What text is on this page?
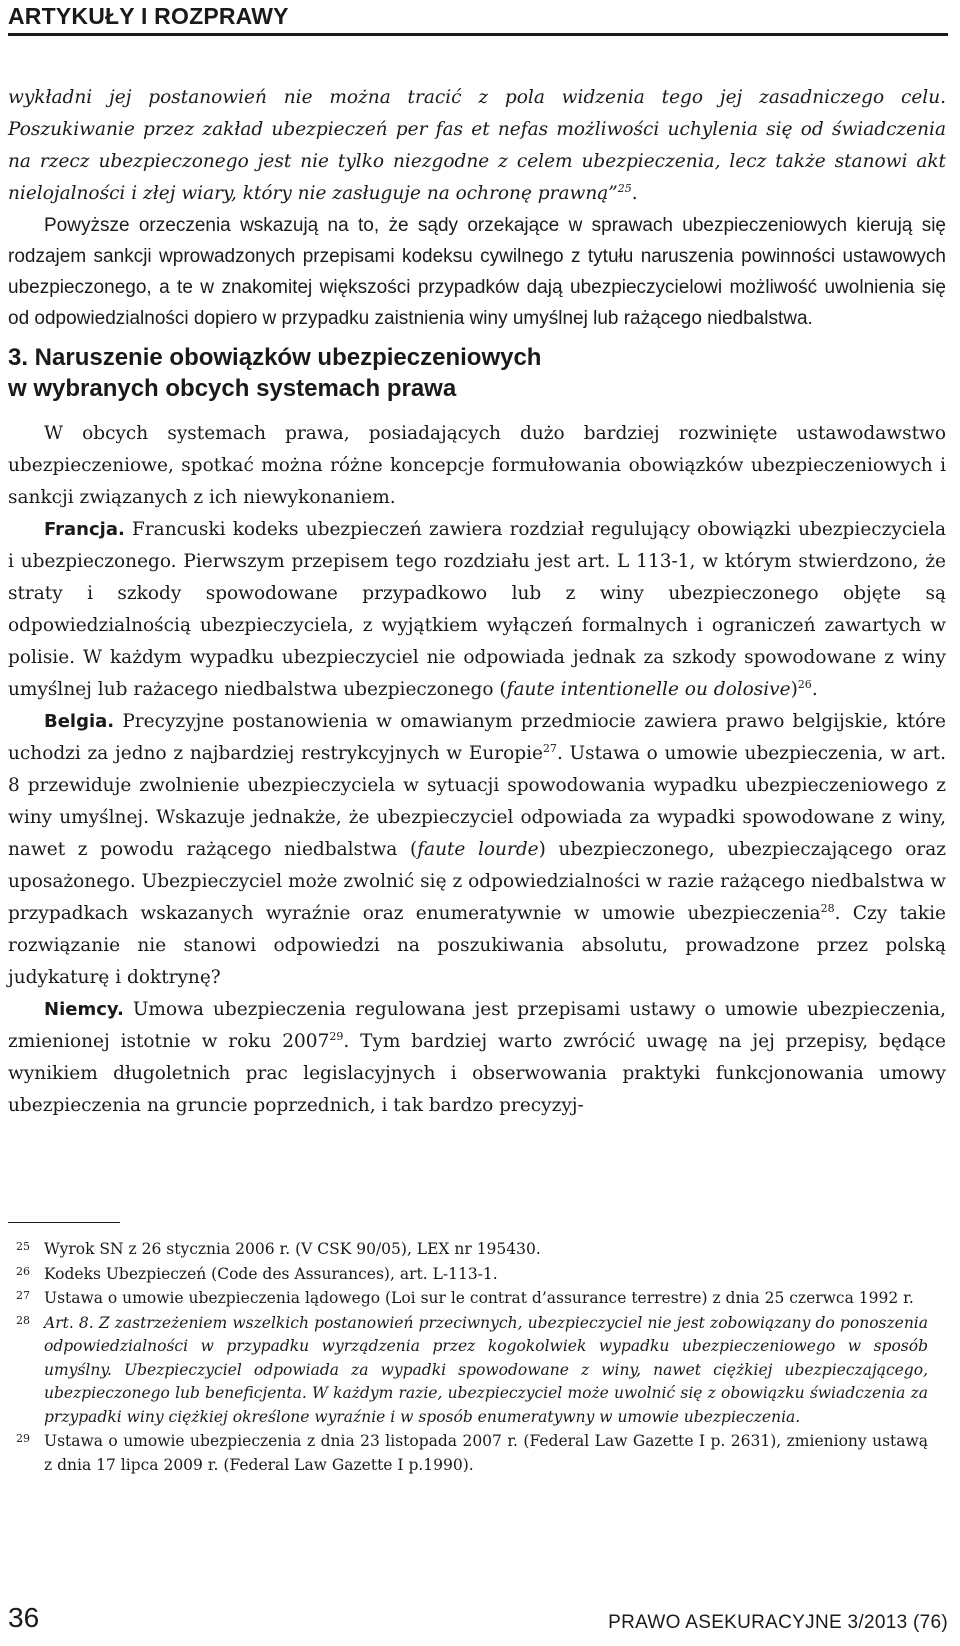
ARTYKUŁY I ROZPRAWY

wykładni jej postanowień nie można tracić z pola widzenia tego jej zasadniczego celu. Poszukiwanie przez zakład ubezpieczeń per fas et nefas możliwości uchylenia się od świadczenia na rzecz ubezpieczonego jest nie tylko niezgodne z celem ubezpieczenia, lecz także stanowi akt nielojalności i złej wiary, który nie zasługuje na ochronę prawną”$^{25}$.

Powyższe orzeczenia wskazują na to, że sądy orzekające w sprawach ubezpieczeniowych kierują się rodzajem sankcji wprowadzonych przepisami kodeksu cywilnego z tytułu naruszenia powinności ustawowych ubezpieczonego, a te w znakomitej większości przypadków dają ubezpieczycielowi możliwość uwolnienia się od odpowiedzialności dopiero w przypadku zaistnienia winy umyślnej lub rażącego niedbalstwa.

3. Naruszenie obowiązków ubezpieczeniowych
w wybranych obcych systemach prawa

W obcych systemach prawa, posiadających dużo bardziej rozwinięte ustawodawstwo ubezpieczeniowe, spotkać można różne koncepcje formułowania obowiązków ubezpieczeniowych i sankcji związanych z ich niewykonaniem.

Francja. Francuski kodeks ubezpieczeń zawiera rozdział regulujący obowiązki ubezpieczyciela i ubezpieczonego. Pierwszym przepisem tego rozdziału jest art. L 113-1, w którym stwierdzono, że straty i szkody spowodowane przypadkowo lub z winy ubezpieczonego objęte są odpowiedzialnością ubezpieczyciela, z wyjątkiem wyłączeń formalnych i ograniczeń zawartych w polisie. W każdym wypadku ubezpieczyciel nie odpowiada jednak za szkody spowodowane z winy umyślnej lub rażacego niedbalstwa ubezpieczonego (faute intentionelle ou dolosive)$^{26}$.

Belgia. Precyzyjne postanowienia w omawianym przedmiocie zawiera prawo belgijskie, które uchodzi za jedno z najbardziej restrykcyjnych w Europie$^{27}$. Ustawa o umowie ubezpieczenia, w art. 8 przewiduje zwolnienie ubezpieczyciela w sytuacji spowodowania wypadku ubezpieczeniowego z winy umyślnej. Wskazuje jednakże, że ubezpieczyciel odpowiada za wypadki spowodowane z winy, nawet z powodu rażącego niedbalstwa (faute lourde) ubezpieczonego, ubezpieczającego oraz uposażonego. Ubezpieczyciel może zwolnić się z odpowiedzialności w razie rażącego niedbalstwa w przypadkach wskazanych wyraźnie oraz enumeratywnie w umowie ubezpieczenia$^{28}$. Czy takie rozwiązanie nie stanowi odpowiedzi na poszukiwania absolutu, prowadzone przez polską judykaturę i doktrynę?

Niemcy. Umowa ubezpieczenia regulowana jest przepisami ustawy o umowie ubezpieczenia, zmienionej istotnie w roku 2007$^{29}$. Tym bardziej warto zwrócić uwagę na jej przepisy, będące wynikiem długoletnich prac legislacyjnych i obserwowania praktyki funkcjonowania umowy ubezpieczenia na gruncie poprzednich, i tak bardzo precyzyj-

25 Wyrok SN z 26 stycznia 2006 r. (V CSK 90/05), LEX nr 195430.
26 Kodeks Ubezpieczeń (Code des Assurances), art. L-113-1.
27 Ustawa o umowie ubezpieczenia lądowego (Loi sur le contrat d’assurance terrestre) z dnia 25 czerwca 1992 r.
28 Art. 8. Z zastrzeżeniem wszelkich postanowień przeciwnych, ubezpieczyciel nie jest zobowiązany do ponoszenia odpowiedzialności w przypadku wyrządzenia przez kogokolwiek wypadku ubezpieczeniowego w sposób umyślny. Ubezpieczyciel odpowiada za wypadki spowodowane z winy, nawet ciężkiej ubezpieczającego, ubezpieczonego lub beneficjenta. W każdym razie, ubezpieczyciel może uwolnić się z obowiązku świadczenia za przypadki winy ciężkiej określone wyraźnie i w sposób enumeratywny w umowie ubezpieczenia.
29 Ustawa o umowie ubezpieczenia z dnia 23 listopada 2007 r. (Federal Law Gazette I p. 2631), zmieniony ustawą z dnia 17 lipca 2009 r. (Federal Law Gazette I p.1990).
36	PRAWO ASEKURACYJNE 3/2013 (76)
